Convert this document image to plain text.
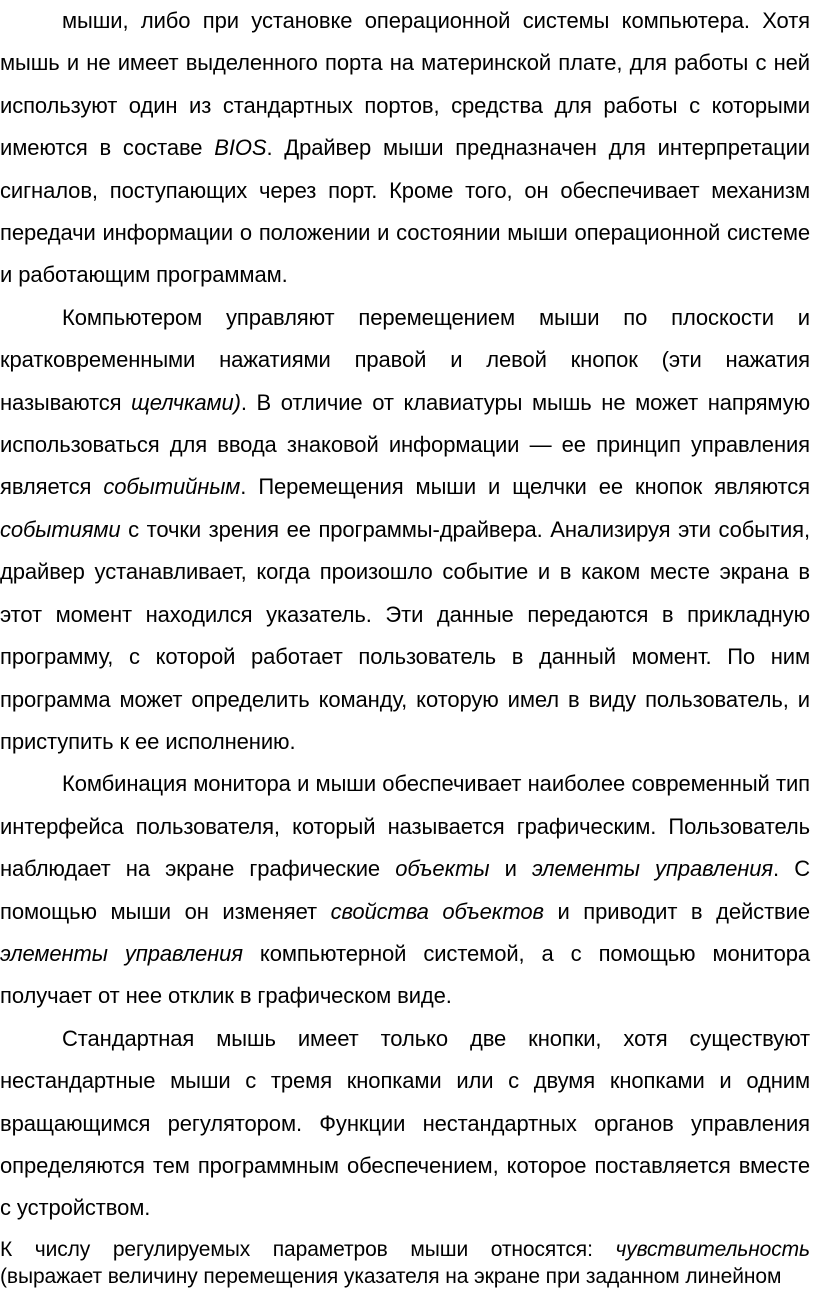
мыши, либо при установке операционной системы компьютера. Хотя мышь и не имеет выделенного порта на материнской плате, для работы с ней используют один из стандартных портов, средства для работы с которыми имеются в составе BIOS. Драйвер мыши предназначен для интерпретации сигналов, поступающих через порт. Кроме того, он обеспечивает механизм передачи информации о положении и состоянии мыши операционной системе и работающим программам.

Компьютером управляют перемещением мыши по плоскости и кратковременными нажатиями правой и левой кнопок (эти нажатия называются щелчками). В отличие от клавиатуры мышь не может напрямую использоваться для ввода знаковой информации — ее принцип управления является событийным. Перемещения мыши и щелчки ее кнопок являются событиями с точки зрения ее программы-драйвера. Анализируя эти события, драйвер устанавливает, когда произошло событие и в каком месте экрана в этот момент находился указатель. Эти данные передаются в прикладную программу, с которой работает пользователь в данный момент. По ним программа может определить команду, которую имел в виду пользователь, и приступить к ее исполнению.

Комбинация монитора и мыши обеспечивает наиболее современный тип интерфейса пользователя, который называется графическим. Пользователь наблюдает на экране графические объекты и элементы управления. С помощью мыши он изменяет свойства объектов и приводит в действие элементы управления компьютерной системой, а с помощью монитора получает от нее отклик в графическом виде.

Стандартная мышь имеет только две кнопки, хотя существуют нестандартные мыши с тремя кнопками или с двумя кнопками и одним вращающимся регулятором. Функции нестандартных органов управления определяются тем программным обеспечением, которое поставляется вместе с устройством.

К числу регулируемых параметров мыши относятся: чувствительность (выражает величину перемещения указателя на экране при заданном линейном
